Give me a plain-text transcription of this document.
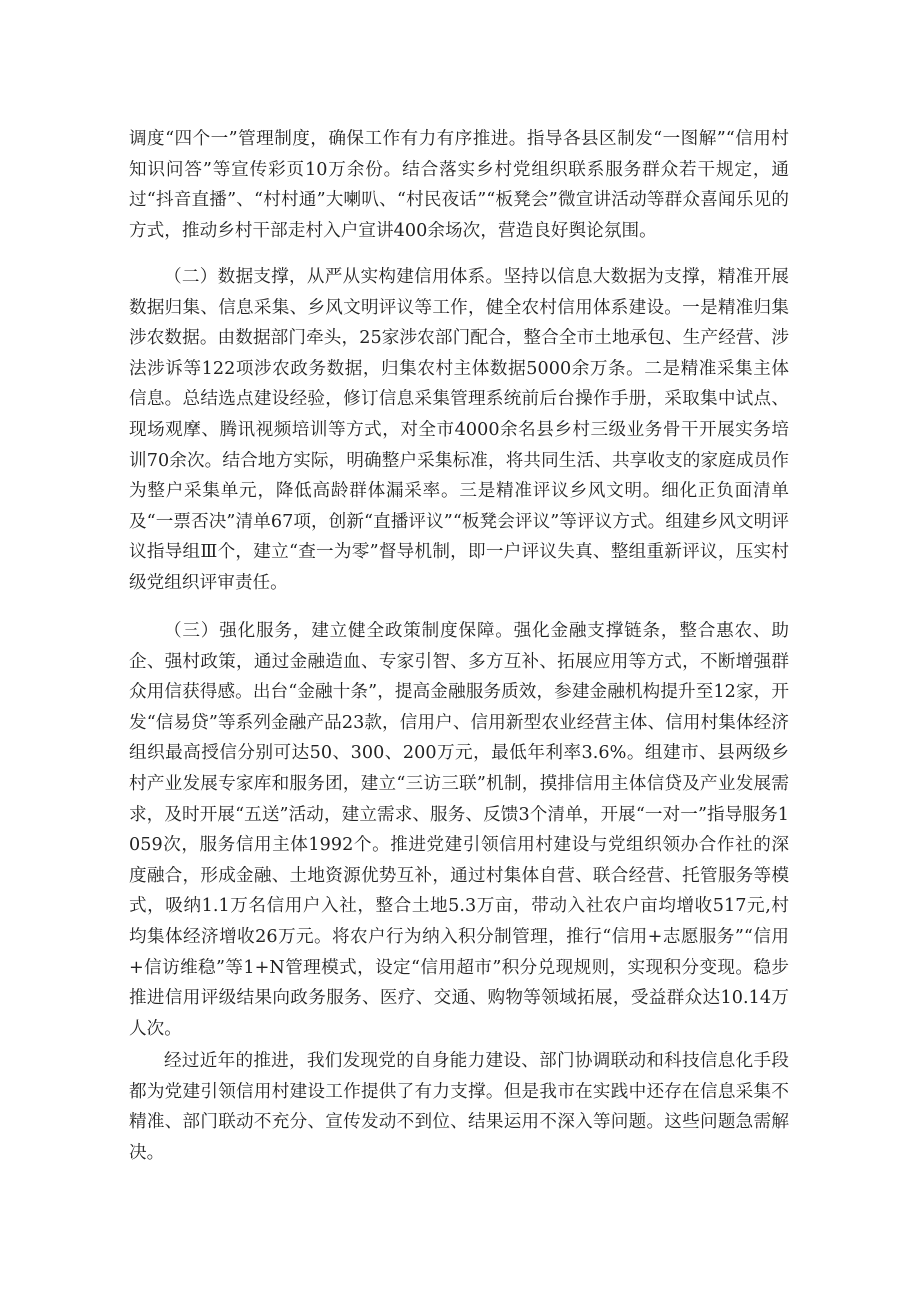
调度“四个一”管理制度，确保工作有力有序推进。指导各县区制发“一图解”“信用村知识问答”等宣传彩页10万余份。结合落实乡村党组织联系服务群众若干规定，通过“抖音直播”、“村村通”大喇叭、“村民夜话”“板凳会”微宣讲活动等群众喜闻乐见的方式，推动乡村干部走村入户宣讲400余场次，营造良好舆论氛围。

（二）数据支撑，从严从实构建信用体系。坚持以信息大数据为支撑，精准开展数据归集、信息采集、乡风文明评议等工作，健全农村信用体系建设。一是精准归集涉农数据。由数据部门牵头，25家涉农部门配合，整合全市土地承包、生产经营、涉法涉诉等122项涉农政务数据，归集农村主体数据5000余万条。二是精准采集主体信息。总结选点建设经验，修订信息采集管理系统前后台操作手册，采取集中试点、现场观摩、腾讯视频培训等方式，对全市4000余名县乡村三级业务骨干开展实务培训70余次。结合地方实际，明确整户采集标准，将共同生活、共享收支的家庭成员作为整户采集单元，降低高龄群体漏采率。三是精准评议乡风文明。细化正负面清单及“一票否决”清单67项，创新“直播评议”“板凳会评议”等评议方式。组建乡风文明评议指导组Ⅲ个，建立“查一为零”督导机制，即一户评议失真、整组重新评议，压实村级党组织评审责任。

（三）强化服务，建立健全政策制度保障。强化金融支撑链条，整合惠农、助企、强村政策，通过金融造血、专家引智、多方互补、拓展应用等方式，不断增强群众用信获得感。出台“金融十条”，提高金融服务质效，参建金融机构提升至12家，开发“信易贷”等系列金融产品23款，信用户、信用新型农业经营主体、信用村集体经济组织最高授信分别可达50、300、200万元，最低年利率3.6%。组建市、县两级乡村产业发展专家库和服务团，建立“三访三联”机制，摸排信用主体信贷及产业发展需求，及时开展“五送”活动，建立需求、服务、反馈3个清单，开展“一对一”指导服务1059次，服务信用主体1992个。推进党建引领信用村建设与党组织领办合作社的深度融合，形成金融、土地资源优势互补，通过村集体自营、联合经营、托管服务等模式，吸纳1.1万名信用户入社，整合土地5.3万亩，带动入社农户亩均增收517元,村均集体经济增收26万元。将农户行为纳入积分制管理，推行“信用+志愿服务”“信用+信访维稳”等1+N管理模式，设定“信用超市”积分兑现规则，实现积分变现。稳步推进信用评级结果向政务服务、医疗、交通、购物等领域拓展，受益群众达10.14万人次。

经过近年的推进，我们发现党的自身能力建设、部门协调联动和科技信息化手段都为党建引领信用村建设工作提供了有力支撑。但是我市在实践中还存在信息采集不精准、部门联动不充分、宣传发动不到位、结果运用不深入等问题。这些问题急需解决。
